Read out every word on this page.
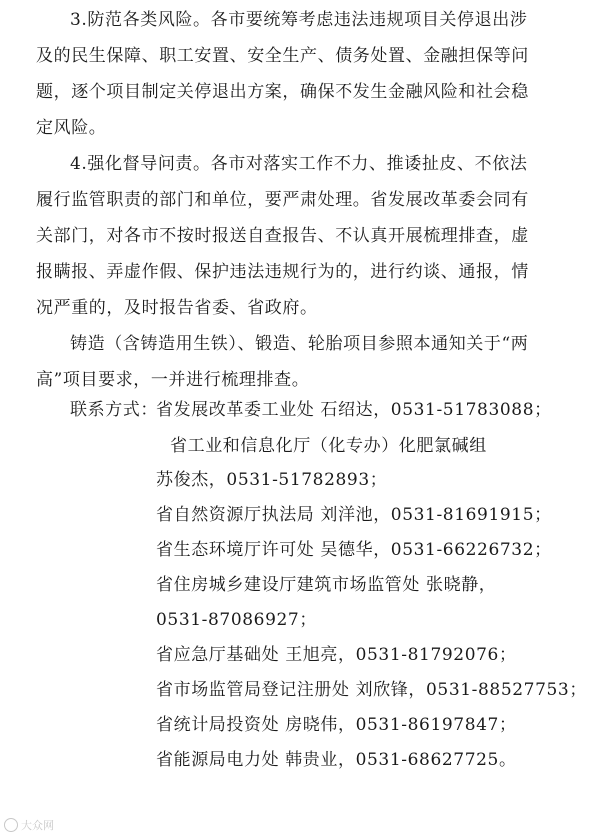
3.防范各类风险。各市要统筹考虑违法违规项目关停退出涉
及的民生保障、职工安置、安全生产、债务处置、金融担保等问
题，逐个项目制定关停退出方案，确保不发生金融风险和社会稳
定风险。
4.强化督导问责。各市对落实工作不力、推诿扯皮、不依法
履行监管职责的部门和单位，要严肃处理。省发展改革委会同有
关部门，对各市不按时报送自查报告、不认真开展梳理排查，虚
报瞒报、弄虚作假、保护违法违规行为的，进行约谈、通报，情
况严重的，及时报告省委、省政府。
铸造（含铸造用生铁）、锻造、轮胎项目参照本通知关于“两
高”项目要求，一并进行梳理排查。
联系方式：
省发展改革委工业处 石绍达，0531-51783088；
省工业和信息化厅（化专办）化肥氯碱组
苏俊杰，0531-51782893；
省自然资源厅执法局 刘洋池，0531-81691915；
省生态环境厅许可处 吴德华，0531-66226732；
省住房城乡建设厅建筑市场监管处 张晓静，
0531-87086927；
省应急厅基础处 王旭亮，0531-81792076；
省市场监管局登记注册处 刘欣锋，0531-88527753；
省统计局投资处 房晓伟，0531-86197847；
省能源局电力处 韩贵业，0531-68627725。
大众网
